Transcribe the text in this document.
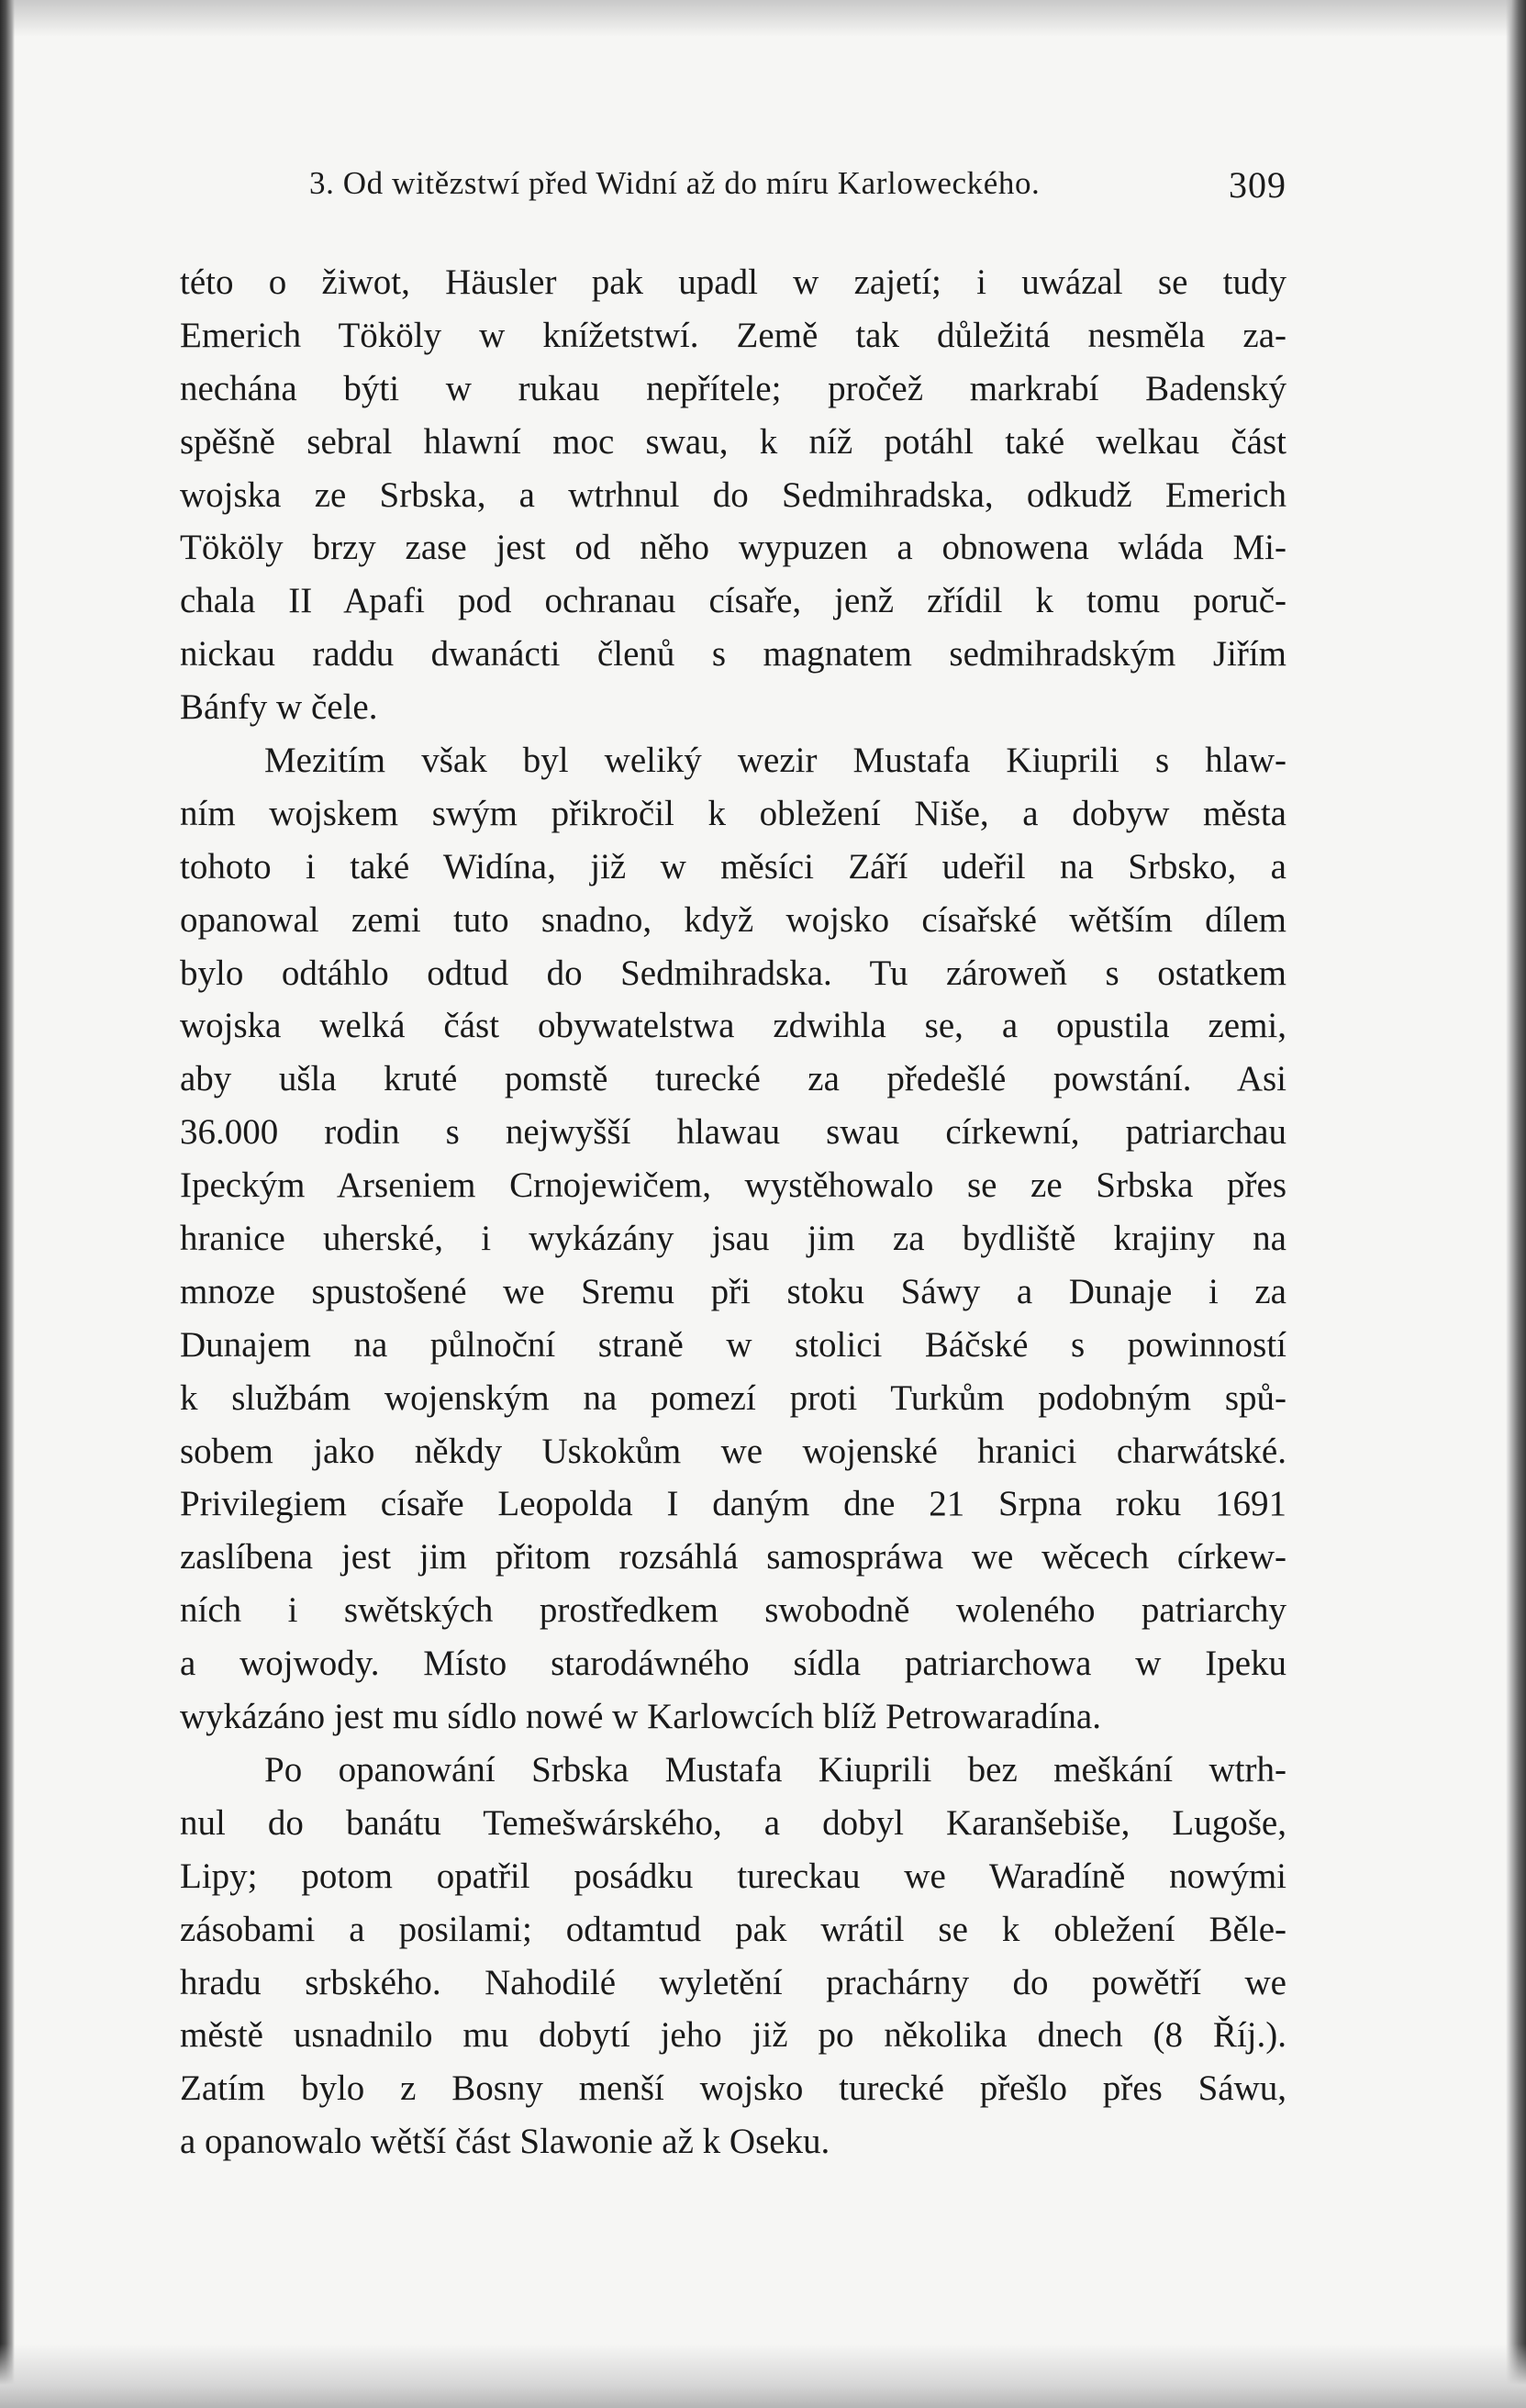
3. Od witězstwí před Widní až do míru Karloweckého.	309
této o žiwot, Häusler pak upadl w zajetí; i uwázal se tudy
Emerich Tököly w knížetstwí. Země tak důležitá nesměla za-
nechána býti w rukau nepřítele; pročež markrabí Badenský
spěšně sebral hlawní moc swau, k níž potáhl také welkau část
wojska ze Srbska, a wtrhnul do Sedmihradska, odkudž Emerich
Tököly brzy zase jest od něho wypuzen a obnowena wláda Mi-
chala II Apafi pod ochranau císaře, jenž zřídil k tomu poruč-
nickau raddu dwanácti členů s magnatem sedmihradským Jiřím
Bánfy w čele.
Mezitím však byl weliký wezir Mustafa Kiuprili s hlaw-
ním wojskem swým přikročil k obležení Niše, a dobyw města
tohoto i také Widína, již w měsíci Září udeřil na Srbsko, a
opanowal zemi tuto snadno, když wojsko císařské wětším dílem
bylo odtáhlo odtud do Sedmihradska. Tu zároweň s ostatkem
wojska welká část obywatelstwa zdwihla se, a opustila zemi,
aby ušla kruté pomstě turecké za předešlé powstání. Asi
36.000 rodin s nejwyšší hlawau swau církewní, patriarchau
Ipeckým Arseniem Crnojewičem, wystěhowalo se ze Srbska přes
hranice uherské, i wykázány jsau jim za bydliště krajiny na
mnoze spustošené we Sremu při stoku Sáwy a Dunaje i za
Dunajem na půlnoční straně w stolici Báčské s powinností
k službám wojenským na pomezí proti Turkům podobným spů-
sobem jako někdy Uskokům we wojenské hranici charwátské.
Privilegiem císaře Leopolda I daným dne 21 Srpna roku 1691
zaslíbena jest jim přitom rozsáhlá samospráwa we wěcech církew-
ních i swětských prostředkem swobodně woleného patriarchy
a wojwody. Místo starodáwného sídla patriarchowa w Ipeku
wykázáno jest mu sídlo nowé w Karlowcích blíž Petrowaradína.
Po opanowání Srbska Mustafa Kiuprili bez meškání wtrh-
nul do banátu Temešwárského, a dobyl Karanšebiše, Lugoše,
Lipy; potom opatřil posádku tureckau we Waradíně nowými
zásobami a posilami; odtamtud pak wrátil se k obležení Běle-
hradu srbského. Nahodilé wyletění prachárny do powětří we
městě usnadnilo mu dobytí jeho již po několika dnech (8 Říj.).
Zatím bylo z Bosny menší wojsko turecké přešlo přes Sáwu,
a opanowalo wětší část Slawonie až k Oseku.
